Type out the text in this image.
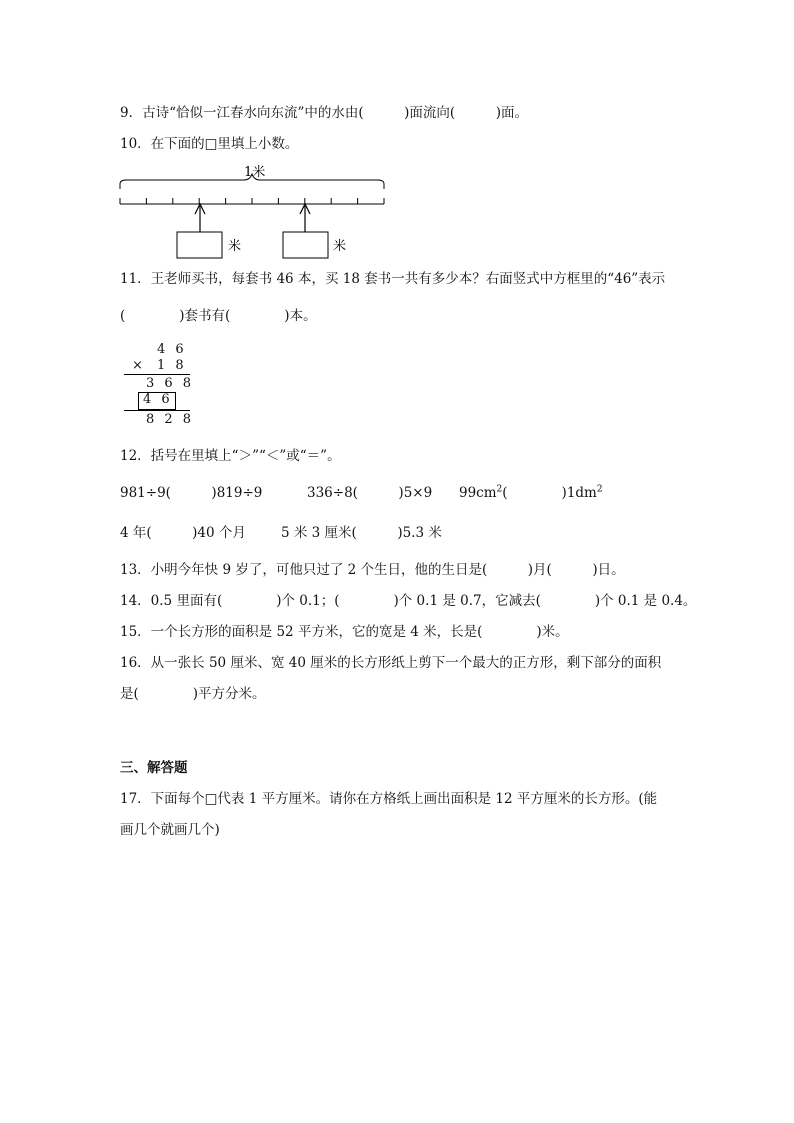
9．古诗“恰似一江春水向东流”中的水由(　　　)面流向(　　　)面。
10．在下面的□里填上小数。
1米
米	米
11．王老师买书，每套书 46 本，买 18 套书一共有多少本？右面竖式中方框里的“46”表示
(　　　　)套书有(　　　　)本。
4 6
× 1 8
3 6 8
4 6
8 2 8
12．括号在里填上“＞”“＜”或“＝”。
981÷9(　　　)819÷9	336÷8(　　　)5×9 $99cm^2$(　　　　)$1dm^2$
4 年(　　　)40 个月	5 米 3 厘米(　　　)5.3 米
13．小明今年快 9 岁了，可他只过了 2 个生日，他的生日是(　　　)月(　　　)日。
14．0.5 里面有(　　　　)个 0.1；(　　　　)个 0.1 是 0.7，它减去(　　　　)个 0.1 是 0.4。
15．一个长方形的面积是 52 平方米，它的宽是 4 米，长是(　　　　)米。
16．从一张长 50 厘米、宽 40 厘米的长方形纸上剪下一个最大的正方形，剩下部分的面积
是(　　　　)平方分米。
三、解答题
17．下面每个□代表 1 平方厘米。请你在方格纸上画出面积是 12 平方厘米的长方形。(能
画几个就画几个)
